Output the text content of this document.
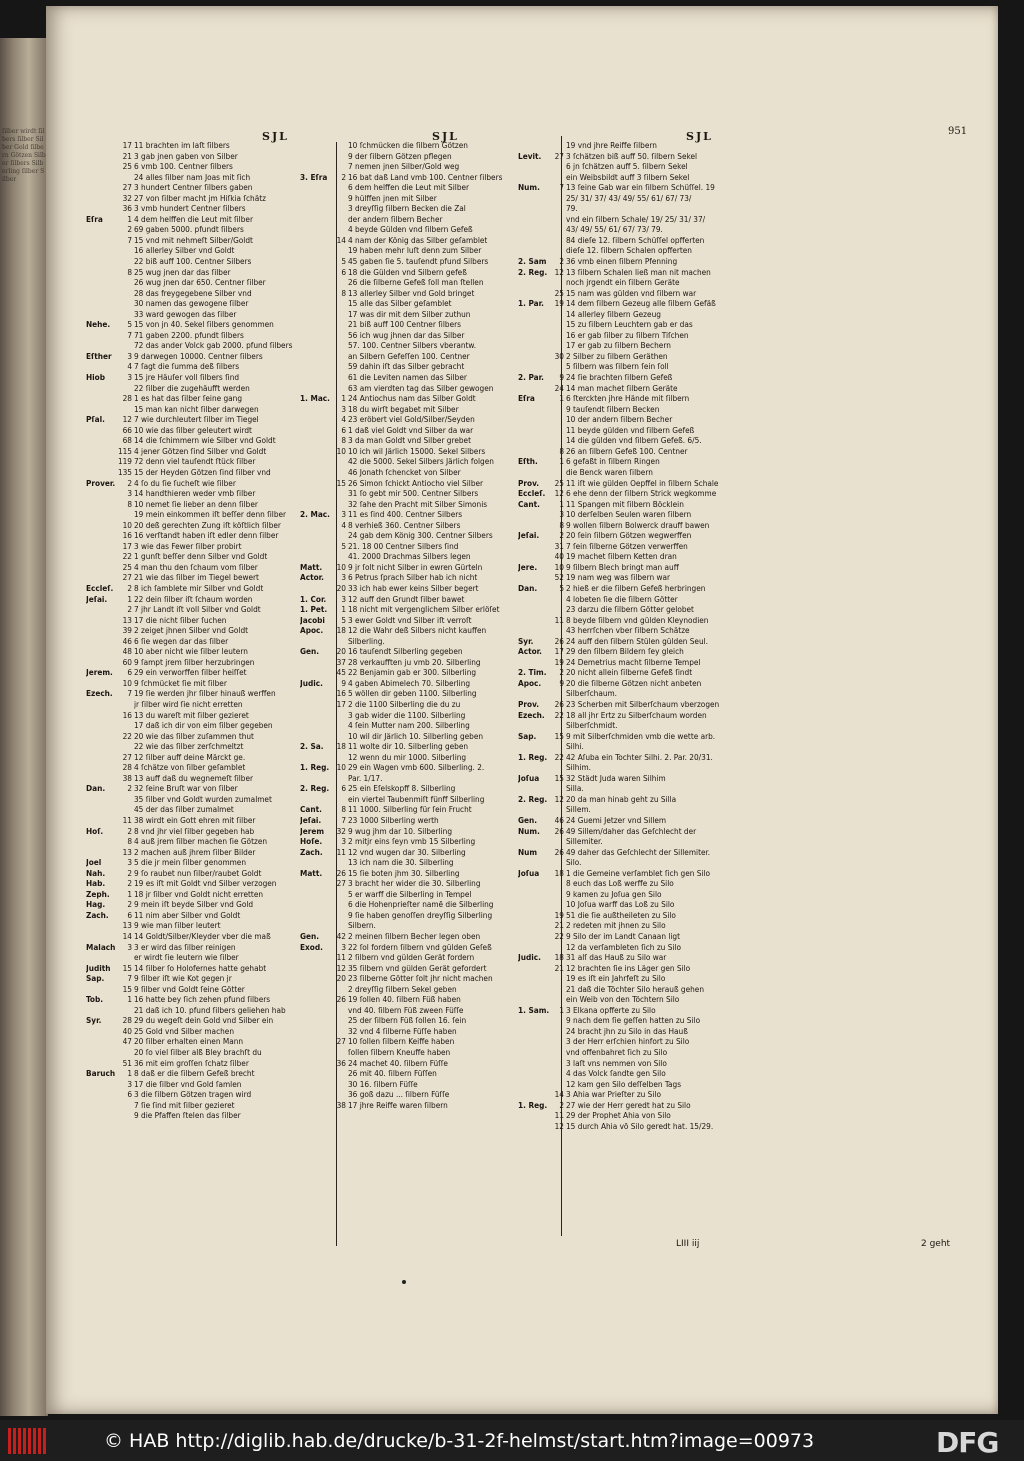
ſilber wirdt ſilbers ſilber Silber Gold ſilbern Götzen Silber ſilbers Silberling ſilber Silber
SJL	SJL	SJL	951
17 11 brachten im laſt ſilbers
21 3 gab jnen gaben von Silber
25 6 vmb 100. Centner ſilbers
24 alles ſilber nam Joas mit ſich
27 3 hundert Centner ſilbers gaben
32 27 von ſilber macht jm Hiſkia ſchätz
36 3 vmb hundert Centner ſilbers
Eſra	1 4 dem helffen die Leut mit ſilber
2 69 gaben 5000. pfundt ſilbers
7 15 vnd mit nehmeſt Silber/Goldt
16 allerley Silber vnd Goldt
22 biß auff 100. Centner Silbers
8 25 wug jnen dar das ſilber
26 wug jnen dar 650. Centner ſilber
28 das freygegebene Silber vnd
30 namen das gewogene ſilber
33 ward gewogen das ſilber
Nehe.	5 15 von jn 40. Sekel ſilbers genommen
7 71 gaben 2200. pfundt ſilbers
72 das ander Volck gab 2000. pfund ſilbers
Eſther	3 9 darwegen 10000. Centner ſilbers
4 7 ſagt die ſumma deß ſilbers
Hiob	3 15 jre Häuſer voll ſilbers ſind
22 ſilber die zugehäufft werden
28 1 es hat das ſilber ſeine gang
15 man kan nicht ſilber darwegen
Pſal.	12 7 wie durchleutert ſilber im Tiegel
66 10 wie das ſilber geleutert wirdt
68 14 die ſchimmern wie Silber vnd Goldt
115 4 jener Götzen ſind Silber vnd Goldt
119 72 denn viel tauſendt ſtück ſilber
135 15 der Heyden Götzen ſind ſilber vnd
Prover.	2 4 ſo du ſie ſucheſt wie ſilber
3 14 handthieren weder vmb ſilber
8 10 nemet ſie lieber an denn ſilber
19 mein einkommen iſt beſſer denn ſilber
10 20 deß gerechten Zung iſt köſtlich ſilber
16 16 verſtandt haben iſt edler denn ſilber
17 3 wie das Fewer ſilber probirt
22 1 gunſt beſſer denn Silber vnd Goldt
25 4 man thu den ſchaum vom ſilber
27 21 wie das ſilber im Tiegel bewert
Eccleſ.	2 8 ich ſamblete mir Silber vnd Goldt
Jeſai.	1 22 dein ſilber iſt ſchaum worden
2 7 jhr Landt iſt voll Silber vnd Goldt
13 17 die nicht ſilber ſuchen
39 2 zeiget jhnen Silber vnd Goldt
46 6 ſie wegen dar das ſilber
48 10 aber nicht wie ſilber leutern
60 9 ſampt jrem ſilber herzubringen
Jerem.	6 29 ein verworffen ſilber heiſſet
10 9 ſchmücket ſie mit ſilber
Ezech.	7 19 ſie werden jhr ſilber hinauß werffen
jr ſilber wird ſie nicht erretten
16 13 du wareſt mit ſilber gezieret
17 daß ich dir von eim ſilber gegeben
22 20 wie das ſilber zuſammen thut
22 wie das ſilber zerſchmeltzt
27 12 ſilber auff deine Märckt ge.
28 4 ſchätze von ſilber geſamblet
38 13 auff daß du wegnemeſt ſilber
Dan.	2 32 ſeine Bruſt war von ſilber
35 ſilber vnd Goldt wurden zumalmet
45 der das ſilber zumalmet
11 38 wirdt ein Gott ehren mit ſilber
Hoſ.	2 8 vnd jhr viel ſilber gegeben hab
8 4 auß jrem ſilber machen ſie Götzen
13 2 machen auß jhrem ſilber Bilder
Joel	3 5 die jr mein ſilber genommen
Nah.	2 9 ſo raubet nun ſilber/raubet Goldt
Hab.	2 19 es iſt mit Goldt vnd Silber verzogen
Zeph.	1 18 jr ſilber vnd Goldt nicht erretten
Hag.	2 9 mein iſt beyde Silber vnd Gold
Zach.	6 11 nim aber Silber vnd Goldt
13 9 wie man ſilber leutert
14 14 Goldt/Silber/Kleyder vber die maß
Malach	3 3 er wird das ſilber reinigen
er wirdt ſie leutern wie ſilber
Judith	15 14 ſilber ſo Holofernes hatte gehabt
Sap.	7 9 ſilber iſt wie Kot gegen jr
15 9 ſilber vnd Goldt ſeine Götter
Tob.	1 16 hatte bey ſich zehen pfund ſilbers
21 daß ich 10. pfund ſilbers geliehen hab
Syr.	28 29 du wegeſt dein Gold vnd Silber ein
40 25 Gold vnd Silber machen
47 20 ſilber erhalten einen Mann
20 ſo viel ſilber alß Bley brachſt du
51 36 mit eim groſſen ſchatz ſilber
Baruch	1 8 daß er die ſilbern Gefeß brecht
3 17 die ſilber vnd Gold ſamlen
6 3 die ſilbern Götzen tragen wird
7 ſie ſind mit ſilber gezieret
9 die Pfaffen ſtelen das ſilber
10 ſchmücken die ſilbern Götzen
9 der ſilbern Götzen pflegen
7 nemen jnen Silber/Gold weg
3. Eſra	2 16 bat daß Land vmb 100. Centner ſilbers
6 dem helffen die Leut mit Silber
9 hülffen jnen mit Silber
3 dreyſſig ſilbern Becken die Zal
der andern ſilbern Becher
4 beyde Gülden vnd ſilbern Gefeß
14 4 nam der König das Silber geſamblet
19 haben mehr luſt denn zum Silber
5 45 gaben ſie 5. tauſendt pfund Silbers
6 18 die Gülden vnd Silbern gefeß
26 die ſilberne Gefeß ſoll man ſtellen
8 13 allerley Silber vnd Gold bringet
15 alle das Silber geſamblet
17 was dir mit dem Silber zuthun
21 biß auff 100 Centner ſilbers
56 ich wug jhnen dar das Silber
57. 100. Centner Silbers vberantw.
an Silbern Gefeſſen 100. Centner
59 dahin iſt das Silber gebracht
61 die Leviten namen das Silber
63 am vierdten tag das Silber gewogen
1. Mac.	1 24 Antiochus nam das Silber Goldt
3 18 du wirſt begabet mit Silber
4 23 eröbert viel Gold/Silber/Seyden
6 1 daß viel Goldt vnd Silber da war
8 3 da man Goldt vnd Silber grebet
10 10 ich wil Järlich 15000. Sekel Silbers
42 die 5000. Sekel Silbers Järlich folgen
46 Jonath ſchencket von Silber
15 26 Simon ſchickt Antiocho viel Silber
31 ſo gebt mir 500. Centner Silbers
32 ſahe den Pracht mit Silber Simonis
2. Mac.	3 11 es ſind 400. Centner Silbers
4 8 verhieß 360. Centner Silbers
24 gab dem König 300. Centner Silbers
5 21. 18 00 Centner Silbers ſind
41. 2000 Drachmas Silbers legen
Matt.	10 9 jr ſolt nicht Silber in ewren Gürteln
Actor.	3 6 Petrus ſprach Silber hab ich nicht
20 33 ich hab ewer keins Silber begert
1. Cor.	3 12 auff den Grundt ſilber bawet
1. Pet.	1 18 nicht mit vergenglichem Silber erlöſet
Jacobi	5 3 ewer Goldt vnd Silber iſt verroſt
Apoc.	18 12 die Wahr deß Silbers nicht kauffen
Silberling.
Gen.	20 16 tauſendt Silberling gegeben
37 28 verkaufften ju vmb 20. Silberling
45 22 Benjamin gab er 300. Silberling
Judic.	9 4 gaben Abimelech 70. Silberling
16 5 wöllen dir geben 1100. Silberling
17 2 die 1100 Silberling die du zu
3 gab wider die 1100. Silberling
4 ſein Mutter nam 200. Silberling
10 wil dir Järlich 10. Silberling geben
2. Sa.	18 11 wolte dir 10. Silberling geben
12 wenn du mir 1000. Silberling
1. Reg. 10 29 ein Wagen vmb 600. Silberling. 2.
Par. 1/17.
2. Reg.	6 25 ein Eſelskopff 8. Silberling
ein viertel Taubenmiſt fünff Silberling
Cant.	8 11 1000. Silberling für ſein Frucht
Jeſai.	7 23 1000 Silberling werth
Jerem	32 9 wug jhm dar 10. Silberling
Hoſe.	3 2 mitjr eins ſeyn vmb 15 Silberling
Zach.	11 12 vnd wugen dar 30. Silberling
13 ich nam die 30. Silberling
Matt.	26 15 ſie boten jhm 30. Silberling
27 3 bracht her wider die 30. Silberling
5 er warff die Silberling in Tempel
6 die Hohenprieſter namē die Silberling
9 ſie haben genoſſen dreyſſig Silberling
Silbern.
Gen.	42 2 meinen ſilbern Becher legen oben
Exod.	3 22 ſol fordern ſilbern vnd gülden Geſeß
11 2 ſilbern vnd gülden Gerät fordern
12 35 ſilbern vnd gülden Gerät gefordert
20 23 ſilberne Götter ſolt jhr nicht machen
2 dreyſſig ſilbern Sekel geben
26 19 ſollen 40. ſilbern Füß haben
vnd 40. ſilbern Füß zween Füſſe
25 der ſilbern Füß ſollen 16. ſein
32 vnd 4 ſilberne Füſſe haben
27 10 ſollen ſilbern Keiffe haben
ſollen ſilbern Kneuffe haben
36 24 machet 40. ſilbern Füſſe
26 mit 40. ſilbern Füſſen
30 16. ſilbern Füſſe
36 goß dazu ... ſilbern Füſſe
38 17 jhre Reiffe waren ſilbern
19 vnd jhre Reiffe ſilbern
Levit.	27 3 ſchätzen biß auff 50. ſilbern Sekel
6 jn ſchätzen auff 5. ſilbern Sekel
ein Weibsbildt auff 3 ſilbern Sekel
Num.	7 13 ſeine Gab war ein ſilbern Schüſſel. 19
25/ 31/ 37/ 43/ 49/ 55/ 61/ 67/ 73/
79.
vnd ein ſilbern Schale/ 19/ 25/ 31/ 37/
43/ 49/ 55/ 61/ 67/ 73/ 79.
84 dieſe 12. ſilbern Schüſſel opfferten
dieſe 12. ſilbern Schalen opfferten
2. Sam	2 36 vmb einen ſilbern Pfenning
2. Reg. 12 13 ſilbern Schalen ließ man nit machen
noch jrgendt ein ſilbern Geräte
25 15 nam was gülden vnd ſilbern war
1. Par.	19 14 dem ſilbern Gezeug alle ſilbern Gefäß
14 allerley ſilbern Gezeug
15 zu ſilbern Leuchtern gab er das
16 er gab ſilber zu ſilbern Tiſchen
17 er gab zu ſilbern Bechern
30 2 Silber zu ſilbern Geräthen
5 ſilbern was ſilbern ſein ſoll
2. Par.	9 24 ſie brachten ſilbern Gefeß
24 14 man machet ſilbern Geräte
Eſra	1 6 ſterckten jhre Hände mit ſilbern
9 tauſendt ſilbern Becken
10 der andern ſilbern Becher
11 beyde gülden vnd ſilbern Gefeß
14 die gülden vnd ſilbern Gefeß. 6/5.
8 26 an ſilbern Gefeß 100. Centner
Eſth.	1 6 gefaßt in ſilbern Ringen
die Benck waren ſilbern
Prov.	25 11 iſt wie gülden Oepffel in ſilbern Schale
Eccleſ.	12 6 ehe denn der ſilbern Strick wegkomme
Cant.	1 11 Spangen mit ſilbern Böcklein
3 10 derſelben Seulen waren ſilbern
8 9 wollen ſilbern Bolwerck drauff bawen
Jeſai.	2 20 ſein ſilbern Götzen wegwerffen
31 7 ſein ſilberne Götzen verwerffen
40 19 machet ſilbern Ketten dran
Jere.	10 9 ſilbern Blech bringt man auff
52 19 nam weg was ſilbern war
Dan.	5 2 hieß er die ſilbern Gefeß herbringen
4 lobeten ſie die ſilbern Götter
23 darzu die ſilbern Götter gelobet
11 8 beyde ſilbern vnd gülden Kleynodien
43 herrſchen vber ſilbern Schätze
Syr.	26 24 auff den ſilbern Stülen gülden Seul.
Actor.	17 29 den ſilbern Bildern ſey gleich
19 24 Demetrius macht ſilberne Tempel
2. Tim.	2 20 nicht allein ſilberne Gefeß ſindt
Apoc.	9 20 die ſilberne Götzen nicht anbeten
Silberſchaum.
Prov.	26 23 Scherben mit Silberſchaum vberzogen
Ezech.	22 18 all jhr Ertz zu Silberſchaum worden
Silberſchmidt.
Sap.	15 9 mit Silberſchmiden vmb die wette arb.
Silhi.
1. Reg. 22 42 Aſuba ein Tochter Silhi. 2. Par. 20/31.
Silhim.
Joſua	15 32 Städt Juda waren Silhim
Silla.
2. Reg. 12 20 da man hinab geht zu Silla
Sillem.
Gen.	46 24 Guemi Jetzer vnd Sillem
Num.	26 49 Sillem/daher das Geſchlecht der
Sillemiter.
Num	26 49 daher das Geſchlecht der Sillemiter.
Silo.
Joſua	18 1 die Gemeine verſamblet ſich gen Silo
8 euch das Loß werffe zu Silo
9 kamen zu Joſua gen Silo
10 Joſua warff das Loß zu Silo
19 51 die ſie außtheileten zu Silo
21 2 redeten mit jhnen zu Silo
22 9 Silo der im Landt Canaan ligt
12 da verſambleten ſich zu Silo
Judic.	18 31 alſ das Hauß zu Silo war
21 12 brachten ſie ins Läger gen Silo
19 es iſt ein Jahrfeſt zu Silo
21 daß die Töchter Silo herauß gehen
ein Weib von den Töchtern Silo
1. Sam.	1 3 Elkana opfferte zu Silo
9 nach dem ſie geſſen hatten zu Silo
24 bracht jhn zu Silo in das Hauß
3 der Herr erſchien hinfort zu Silo
vnd offenbahret ſich zu Silo
3 laſt vns nemmen von Silo
4 das Volck ſandte gen Silo
12 kam gen Silo deſſelben Tags
14 3 Ahia war Prieſter zu Silo
1. Reg.	2 27 wie der Herr geredt hat zu Silo
11 29 der Prophet Ahia von Silo
12 15 durch Ahia vō Silo geredt hat. 15/29.
LIII iij	2 geht
© HAB http://diglib.hab.de/drucke/b-31-2f-helmst/start.htm?image=00973	DFG
